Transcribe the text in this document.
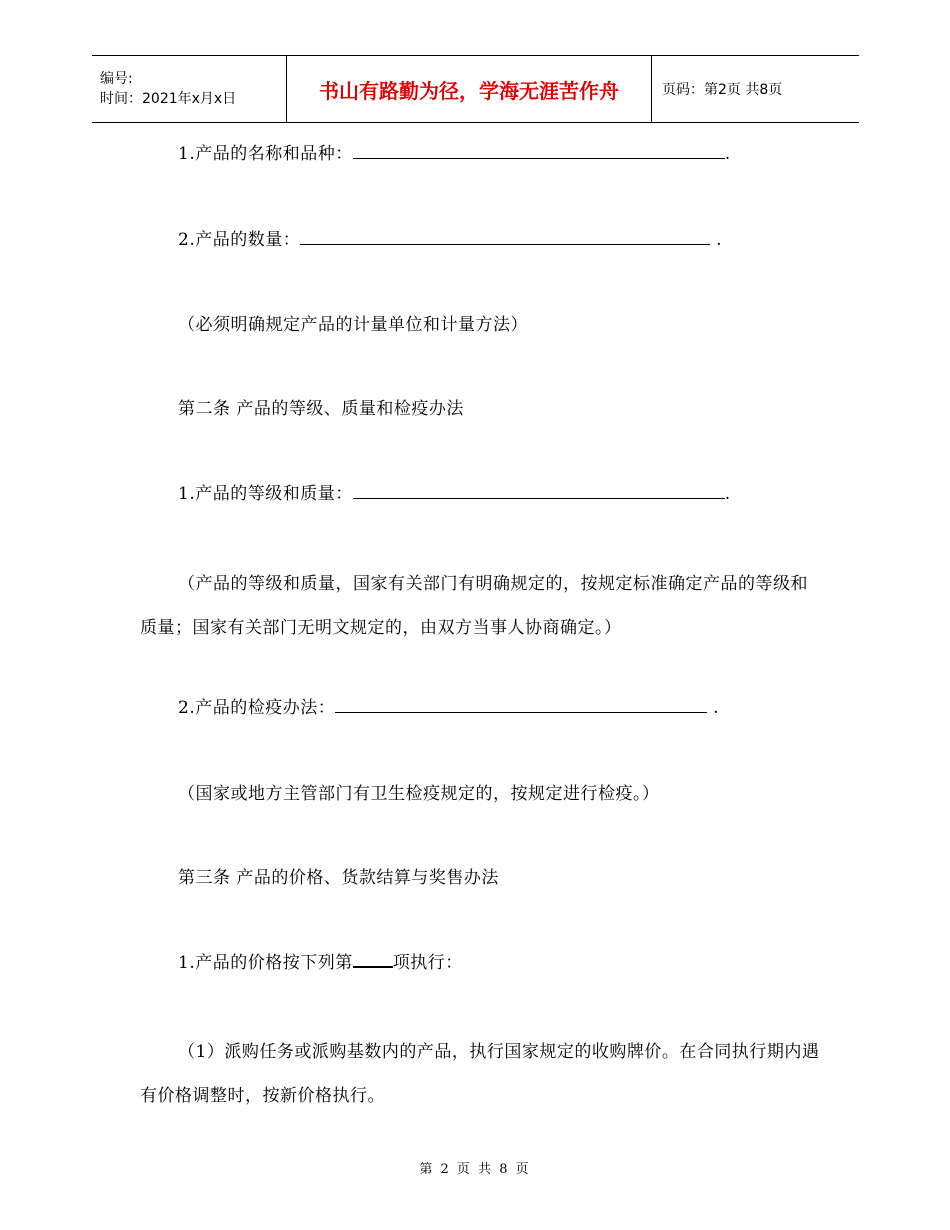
编号:
时间：2021年x月x日	书山有路勤为径，学海无涯苦作舟	页码：第2页 共8页
1.产品的名称和品种：	.
2.产品的数量：	.
（必须明确规定产品的计量单位和计量方法）
第二条 产品的等级、质量和检疫办法
1.产品的等级和质量：	.
（产品的等级和质量，国家有关部门有明确规定的，按规定标准确定产品的等级和质量；国家有关部门无明文规定的，由双方当事人协商确定。）
2.产品的检疫办法：	.
（国家或地方主管部门有卫生检疫规定的，按规定进行检疫。）
第三条 产品的价格、货款结算与奖售办法
1.产品的价格按下列第 项执行：
（1）派购任务或派购基数内的产品，执行国家规定的收购牌价。在合同执行期内遇有价格调整时，按新价格执行。
第 2 页 共 8 页
